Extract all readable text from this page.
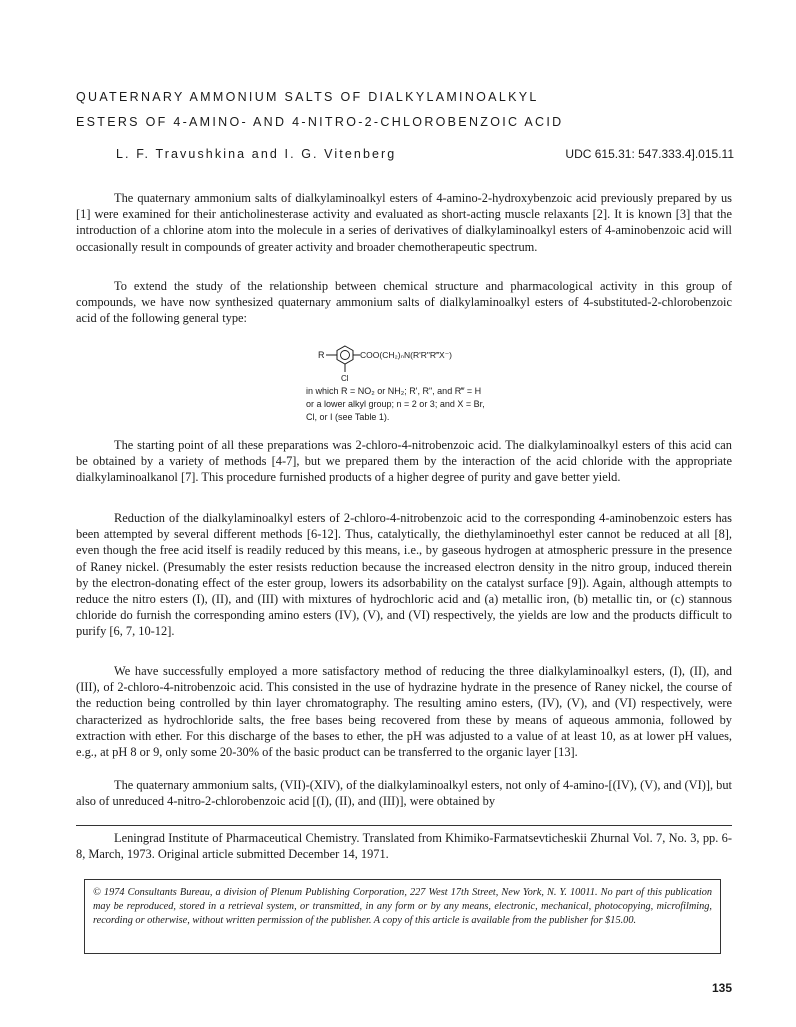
QUATERNARY AMMONIUM SALTS OF DIALKYLAMINOALKYL
ESTERS OF 4-AMINO- AND 4-NITRO-2-CHLOROBENZOIC ACID
L. F. Travushkina and I. G. Vitenberg	UDC 615.31: 547.333.4].015.11

The quaternary ammonium salts of dialkylaminoalkyl esters of 4-amino-2-hydroxybenzoic acid previously prepared by us [1] were examined for their anticholinesterase activity and evaluated as short-acting muscle relaxants [2]. It is known [3] that the introduction of a chlorine atom into the molecule in a series of derivatives of dialkylaminoalkyl esters of 4-aminobenzoic acid will occasionally result in compounds of greater activity and broader chemotherapeutic spectrum.

To extend the study of the relationship between chemical structure and pharmacological activity in this group of compounds, we have now synthesized quaternary ammonium salts of dialkylaminoalkyl esters of 4-substituted-2-chlorobenzoic acid of the following general type:

R	COO(CH₂)ₙN(R'R"R‴X⁻)
Cl
in which R = NO₂ or NH₂; R', R", and R‴ = H
or a lower alkyl group; n = 2 or 3; and X = Br,
Cl, or I (see Table 1).

The starting point of all these preparations was 2-chloro-4-nitrobenzoic acid. The dialkylaminoalkyl esters of this acid can be obtained by a variety of methods [4-7], but we prepared them by the interaction of the acid chloride with the appropriate dialkylaminoalkanol [7]. This procedure furnished products of a higher degree of purity and gave better yield.

Reduction of the dialkylaminoalkyl esters of 2-chloro-4-nitrobenzoic acid to the corresponding 4-aminobenzoic esters has been attempted by several different methods [6-12]. Thus, catalytically, the diethylaminoethyl ester cannot be reduced at all [8], even though the free acid itself is readily reduced by this means, i.e., by gaseous hydrogen at atmospheric pressure in the presence of Raney nickel. (Presumably the ester resists reduction because the increased electron density in the nitro group, induced therein by the electron-donating effect of the ester group, lowers its adsorbability on the catalyst surface [9]). Again, although attempts to reduce the nitro esters (I), (II), and (III) with mixtures of hydrochloric acid and (a) metallic iron, (b) metallic tin, or (c) stannous chloride do furnish the corresponding amino esters (IV), (V), and (VI) respectively, the yields are low and the products difficult to purify [6, 7, 10-12].

We have successfully employed a more satisfactory method of reducing the three dialkylaminoalkyl esters, (I), (II), and (III), of 2-chloro-4-nitrobenzoic acid. This consisted in the use of hydrazine hydrate in the presence of Raney nickel, the course of the reduction being controlled by thin layer chromatography. The resulting amino esters, (IV), (V), and (VI) respectively, were characterized as hydrochloride salts, the free bases being recovered from these by means of aqueous ammonia, followed by extraction with ether. For this discharge of the bases to ether, the pH was adjusted to a value of at least 10, as at lower pH values, e.g., at pH 8 or 9, only some 20-30% of the basic product can be transferred to the organic layer [13].

The quaternary ammonium salts, (VII)-(XIV), of the dialkylaminoalkyl esters, not only of 4-amino-[(IV), (V), and (VI)], but also of unreduced 4-nitro-2-chlorobenzoic acid [(I), (II), and (III)], were obtained by

Leningrad Institute of Pharmaceutical Chemistry. Translated from Khimiko-Farmatsevticheskii Zhurnal Vol. 7, No. 3, pp. 6-8, March, 1973. Original article submitted December 14, 1971.

© 1974 Consultants Bureau, a division of Plenum Publishing Corporation, 227 West 17th Street, New York, N. Y. 10011. No part of this publication may be reproduced, stored in a retrieval system, or transmitted, in any form or by any means, electronic, mechanical, photocopying, microfilming, recording or otherwise, without written permission of the publisher. A copy of this article is available from the publisher for $15.00.
135
